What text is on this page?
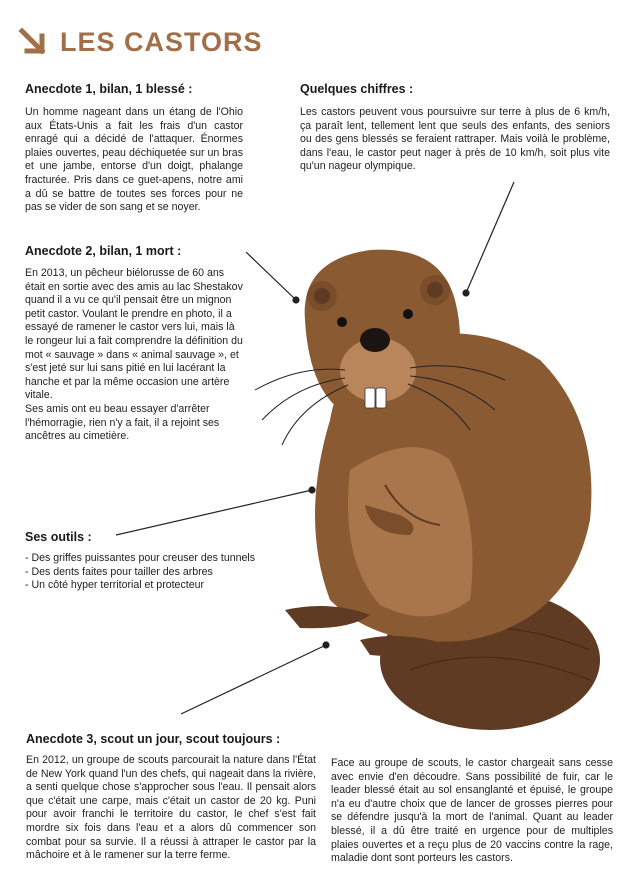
LES CASTORS
Anecdote 1, bilan, 1 blessé :

Un homme nageant dans un étang de l'Ohio aux États-Unis a fait les frais d'un castor enragé qui a décidé de l'attaquer. Énormes plaies ouvertes, peau déchiquetée sur un bras et une jambe, entorse d'un doigt, phalange fracturée. Pris dans ce guet-apens, notre ami a dû se battre de toutes ses forces pour ne pas se vider de son sang et se noyer.

Quelques chiffres :

Les castors peuvent vous poursuivre sur terre à plus de 6 km/h, ça paraît lent, tellement lent que seuls des enfants, des seniors ou des gens blessés se feraient rattraper. Mais voilà le problème, dans l'eau, le castor peut nager à près de 10 km/h, soit plus vite qu'un nageur olympique.

Anecdote 2, bilan, 1 mort :

En 2013, un pêcheur biélorusse de 60 ans était en sortie avec des amis au lac Shestakov quand il a vu ce qu'il pensait être un mignon petit castor. Voulant le prendre en photo, il a essayé de ramener le castor vers lui, mais là le rongeur lui a fait comprendre la définition du mot « sauvage » dans « animal sauvage », et s'est jeté sur lui sans pitié en lui lacérant la hanche et par la même occasion une artère vitale.

Ses amis ont eu beau essayer d'arrêter l'hémorragie, rien n'y a fait, il a rejoint ses ancêtres au cimetière.

Ses outils :
- Des griffes puissantes pour creuser des tunnels
- Des dents faites pour tailler des arbres
- Un côté hyper territorial et protecteur
Anecdote 3, scout un jour, scout toujours :

En 2012, un groupe de scouts parcourait la nature dans l'État de New York quand l'un des chefs, qui nageait dans la rivière, a senti quelque chose s'approcher sous l'eau. Il pensait alors que c'était une carpe, mais c'était un castor de 20 kg. Puni pour avoir franchi le territoire du castor, le chef s'est fait mordre six fois dans l'eau et a alors dû commencer son combat pour sa survie. Il a réussi à attraper le castor par la mâchoire et à le ramener sur la terre ferme.

Face au groupe de scouts, le castor chargeait sans cesse avec envie d'en découdre. Sans possibilité de fuir, car le leader blessé était au sol ensanglanté et épuisé, le groupe n'a eu d'autre choix que de lancer de grosses pierres pour se défendre jusqu'à la mort de l'animal. Quant au leader blessé, il a dû être traité en urgence pour de multiples plaies ouvertes et a reçu plus de 20 vaccins contre la rage, maladie dont sont porteurs les castors.
